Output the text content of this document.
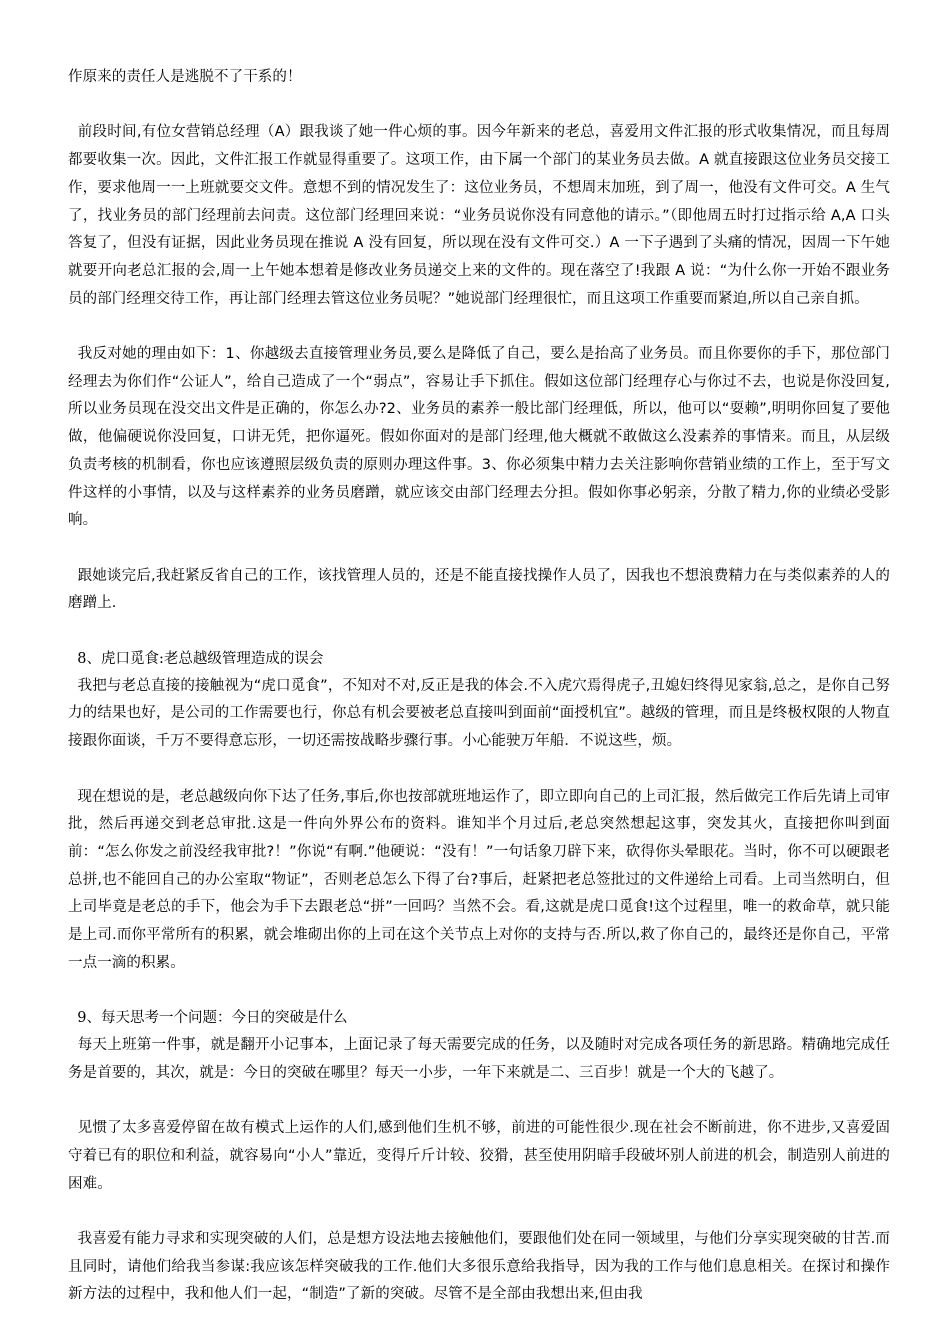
作原来的责任人是逃脱不了干系的！

前段时间,有位女营销总经理（A）跟我谈了她一件心烦的事。因今年新来的老总，喜爱用文件汇报的形式收集情况，而且每周都要收集一次。因此，文件汇报工作就显得重要了。这项工作，由下属一个部门的某业务员去做。A 就直接跟这位业务员交接工作，要求他周一一上班就要交文件。意想不到的情况发生了：这位业务员，不想周末加班，到了周一，他没有文件可交。A 生气了，找业务员的部门经理前去问责。这位部门经理回来说：“业务员说你没有同意他的请示。”（即他周五时打过指示给 A,A 口头答复了，但没有证据，因此业务员现在推说 A 没有回复，所以现在没有文件可交.）A 一下子遇到了头痛的情况，因周一下午她就要开向老总汇报的会,周一上午她本想着是修改业务员递交上来的文件的。现在落空了!我跟 A 说：“为什么你一开始不跟业务员的部门经理交待工作，再让部门经理去管这位业务员呢？”她说部门经理很忙，而且这项工作重要而紧迫,所以自己亲自抓。

我反对她的理由如下：1、你越级去直接管理业务员,要么是降低了自己，要么是抬高了业务员。而且你要你的手下，那位部门经理去为你们作“公证人”，给自己造成了一个“弱点”，容易让手下抓住。假如这位部门经理存心与你过不去，也说是你没回复,所以业务员现在没交出文件是正确的，你怎么办?2、业务员的素养一般比部门经理低，所以，他可以“耍赖”,明明你回复了要他做，他偏硬说你没回复，口讲无凭，把你逼死。假如你面对的是部门经理,他大概就不敢做这么没素养的事情来。而且，从层级负责考核的机制看，你也应该遵照层级负责的原则办理这件事。3、你必须集中精力去关注影响你营销业绩的工作上，至于写文件这样的小事情，以及与这样素养的业务员磨蹭，就应该交由部门经理去分担。假如你事必躬亲，分散了精力,你的业绩必受影响。

跟她谈完后,我赶紧反省自己的工作，该找管理人员的，还是不能直接找操作人员了，因我也不想浪费精力在与类似素养的人的磨蹭上.

8、虎口觅食:老总越级管理造成的误会

我把与老总直接的接触视为“虎口觅食”，不知对不对,反正是我的体会.不入虎穴焉得虎子,丑媳妇终得见家翁,总之，是你自己努力的结果也好，是公司的工作需要也行，你总有机会要被老总直接叫到面前“面授机宜”。越级的管理，而且是终极权限的人物直接跟你面谈，千万不要得意忘形，一切还需按战略步骤行事。小心能驶万年船．不说这些，烦。

现在想说的是，老总越级向你下达了任务,事后,你也按部就班地运作了，即立即向自己的上司汇报，然后做完工作后先请上司审批，然后再递交到老总审批.这是一件向外界公布的资料。谁知半个月过后,老总突然想起这事，突发其火，直接把你叫到面前：“怎么你发之前没经我审批?！”你说“有啊.”他硬说：“没有！”一句话象刀辟下来，砍得你头晕眼花。当时，你不可以硬跟老总拼,也不能回自己的办公室取“物证”，否则老总怎么下得了台?事后，赶紧把老总签批过的文件递给上司看。上司当然明白，但上司毕竟是老总的手下，他会为手下去跟老总“拼”一回吗？当然不会。看,这就是虎口觅食!这个过程里，唯一的救命草，就只能是上司.而你平常所有的积累，就会堆砌出你的上司在这个关节点上对你的支持与否.所以,救了你自己的，最终还是你自己，平常一点一滴的积累。

9、每天思考一个问题：今日的突破是什么

每天上班第一件事，就是翻开小记事本，上面记录了每天需要完成的任务，以及随时对完成各项任务的新思路。精确地完成任务是首要的，其次，就是：今日的突破在哪里？每天一小步，一年下来就是二、三百步！就是一个大的飞越了。

见惯了太多喜爱停留在故有模式上运作的人们,感到他们生机不够，前进的可能性很少.现在社会不断前进，你不进步,又喜爱固守着已有的职位和利益，就容易向“小人”靠近，变得斤斤计较、狡猾，甚至使用阴暗手段破坏别人前进的机会，制造别人前进的困难。

我喜爱有能力寻求和实现突破的人们，总是想方设法地去接触他们，要跟他们处在同一领域里，与他们分享实现突破的甘苦.而且同时，请他们给我当参谋:我应该怎样突破我的工作.他们大多很乐意给我指导，因为我的工作与他们息息相关。在探讨和操作新方法的过程中，我和他人们一起，“制造”了新的突破。尽管不是全部由我想出来,但由我
